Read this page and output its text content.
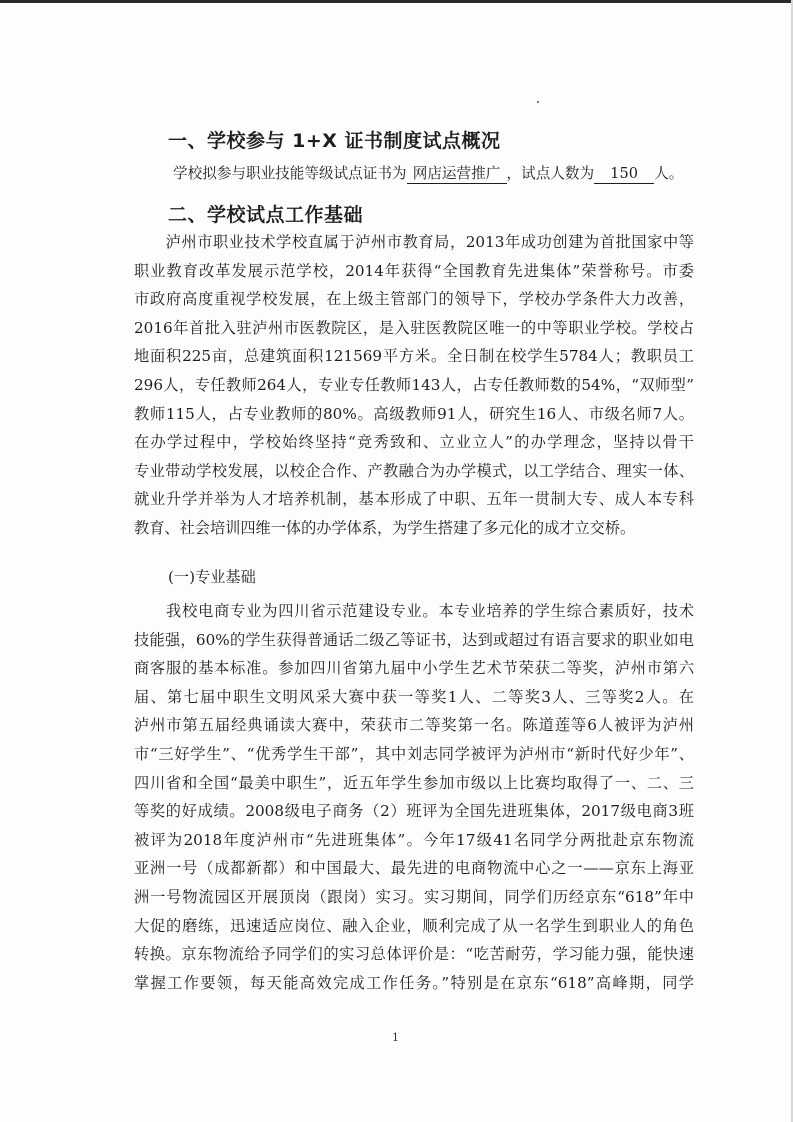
一、学校参与 1+X 证书制度试点概况
学校拟参与职业技能等级试点证书为 网店运营推广 ，试点人数为 150 人。
二、学校试点工作基础
　　泸州市职业技术学校直属于泸州市教育局，2013年成功创建为首批国家中等
职业教育改革发展示范学校，2014年获得“全国教育先进集体”荣誉称号。市委
市政府高度重视学校发展，在上级主管部门的领导下，学校办学条件大力改善，
2016年首批入驻泸州市医教院区，是入驻医教院区唯一的中等职业学校。学校占
地面积225亩，总建筑面积121569平方米。全日制在校学生5784人；教职员工
296人，专任教师264人，专业专任教师143人，占专任教师数的54%，“双师型”
教师115人，占专业教师的80%。高级教师91人，研究生16人、市级名师7人。
在办学过程中，学校始终坚持“竞秀致和、立业立人”的办学理念，坚持以骨干
专业带动学校发展，以校企合作、产教融合为办学模式，以工学结合、理实一体、
就业升学并举为人才培养机制，基本形成了中职、五年一贯制大专、成人本专科
教育、社会培训四维一体的办学体系，为学生搭建了多元化的成才立交桥。
(一)专业基础
　　我校电商专业为四川省示范建设专业。本专业培养的学生综合素质好，技术
技能强，60%的学生获得普通话二级乙等证书，达到或超过有语言要求的职业如电
商客服的基本标准。参加四川省第九届中小学生艺术节荣获二等奖，泸州市第六
届、第七届中职生文明风采大赛中获一等奖1人、二等奖3人、三等奖2人。在
泸州市第五届经典诵读大赛中，荣获市二等奖第一名。陈道莲等6人被评为泸州
市“三好学生”、“优秀学生干部”，其中刘志同学被评为泸州市“新时代好少年”、
四川省和全国“最美中职生”，近五年学生参加市级以上比赛均取得了一、二、三
等奖的好成绩。2008级电子商务（2）班评为全国先进班集体，2017级电商3班
被评为2018年度泸州市“先进班集体”。今年17级41名同学分两批赴京东物流
亚洲一号（成都新都）和中国最大、最先进的电商物流中心之一——京东上海亚
洲一号物流园区开展顶岗（跟岗）实习。实习期间，同学们历经京东“618”年中
大促的磨练，迅速适应岗位、融入企业，顺利完成了从一名学生到职业人的角色
转换。京东物流给予同学们的实习总体评价是：“吃苦耐劳，学习能力强，能快速
掌握工作要领，每天能高效完成工作任务。”特别是在京东“618”高峰期，同学
1
